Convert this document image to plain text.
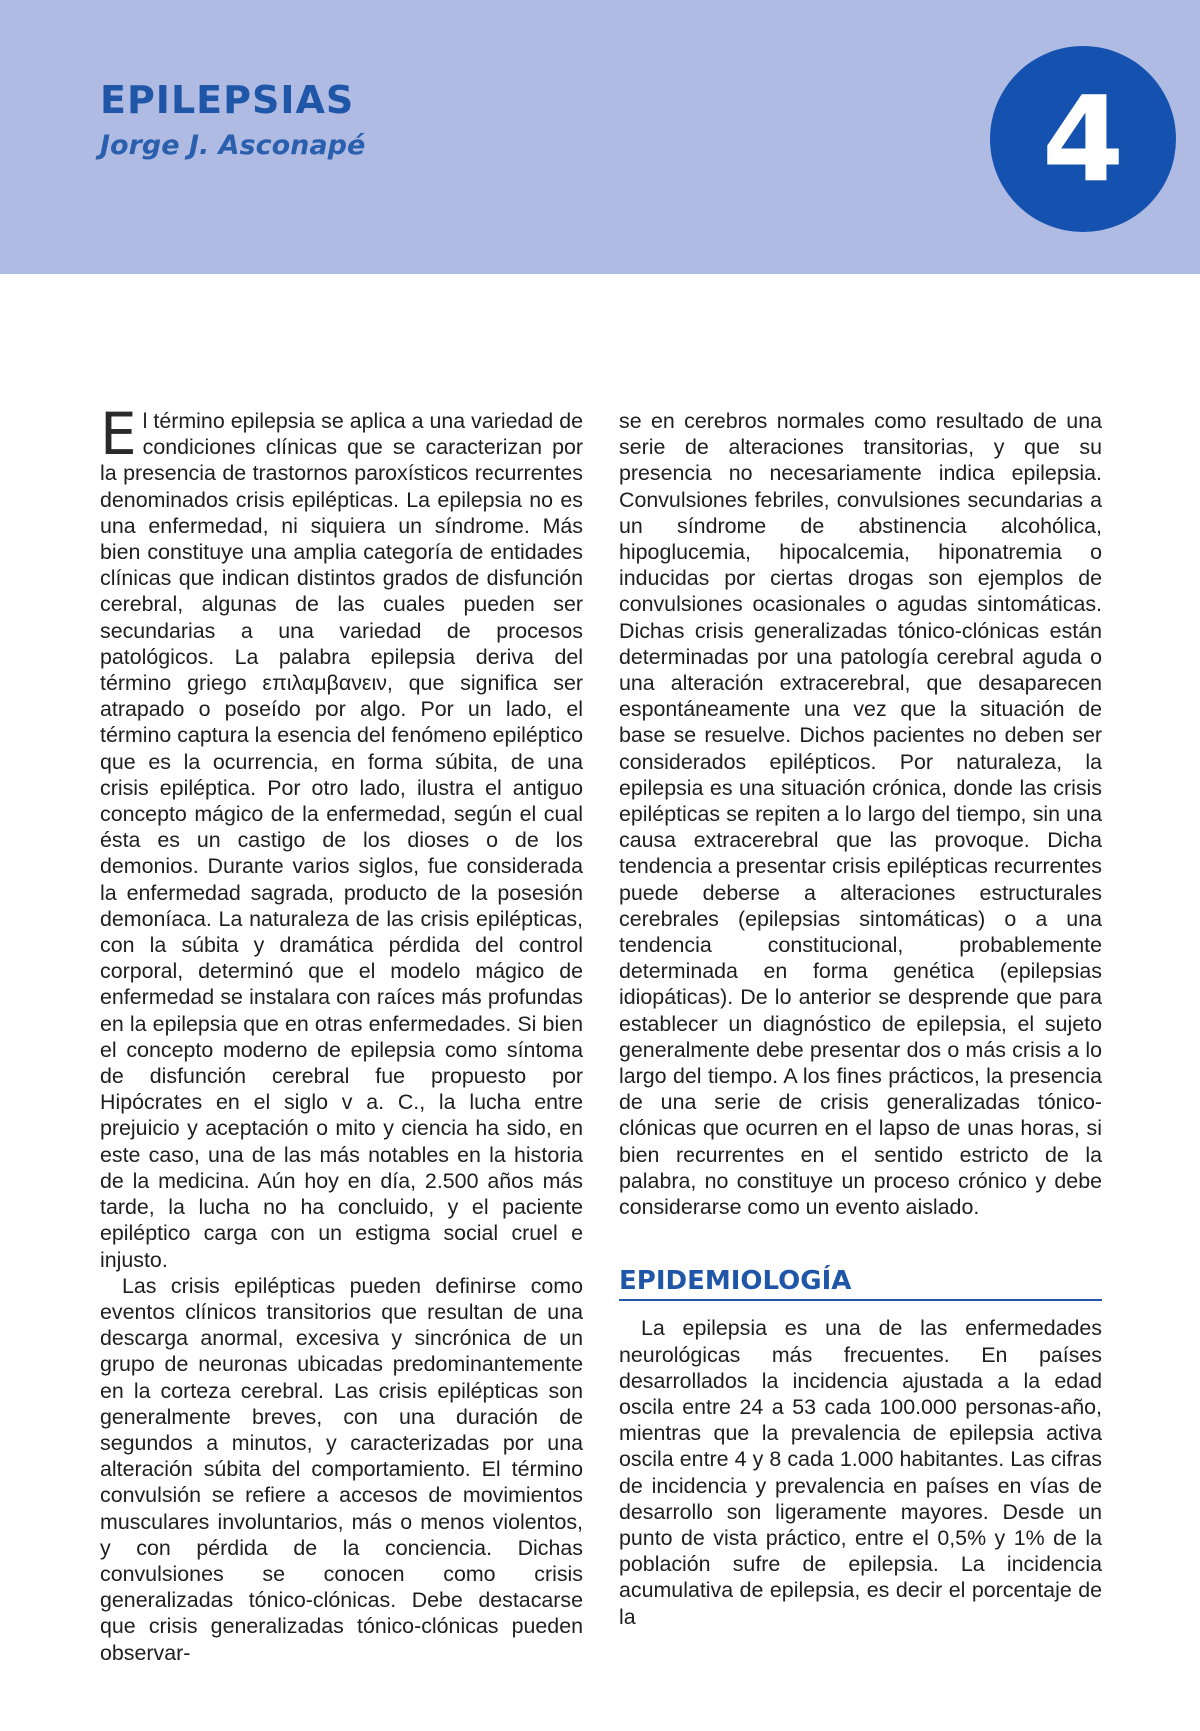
EPILEPSIAS
Jorge J. Asconapé	4

El término epilepsia se aplica a una variedad de condiciones clínicas que se caracterizan por la presencia de trastornos paroxísticos recurrentes denominados crisis epilépticas. La epilepsia no es una enfermedad, ni siquiera un síndrome. Más bien constituye una amplia categoría de entidades clínicas que indican distintos grados de disfunción cerebral, algunas de las cuales pueden ser secundarias a una variedad de procesos patológicos. La palabra epilepsia deriva del término griego επιλαμβανειν, que significa ser atrapado o poseído por algo. Por un lado, el término captura la esencia del fenómeno epiléptico que es la ocurrencia, en forma súbita, de una crisis epiléptica. Por otro lado, ilustra el antiguo concepto mágico de la enfermedad, según el cual ésta es un castigo de los dioses o de los demonios. Durante varios siglos, fue considerada la enfermedad sagrada, producto de la posesión demoníaca. La naturaleza de las crisis epilépticas, con la súbita y dramática pérdida del control corporal, determinó que el modelo mágico de enfermedad se instalara con raíces más profundas en la epilepsia que en otras enfermedades. Si bien el concepto moderno de epilepsia como síntoma de disfunción cerebral fue propuesto por Hipócrates en el siglo v a. C., la lucha entre prejuicio y aceptación o mito y ciencia ha sido, en este caso, una de las más notables en la historia de la medicina. Aún hoy en día, 2.500 años más tarde, la lucha no ha concluido, y el paciente epiléptico carga con un estigma social cruel e injusto.

Las crisis epilépticas pueden definirse como eventos clínicos transitorios que resultan de una descarga anormal, excesiva y sincrónica de un grupo de neuronas ubicadas predominantemente en la corteza cerebral. Las crisis epilépticas son generalmente breves, con una duración de segundos a minutos, y caracterizadas por una alteración súbita del comportamiento. El término convulsión se refiere a accesos de movimientos musculares involuntarios, más o menos violentos, y con pérdida de la conciencia. Dichas convulsiones se conocen como crisis generalizadas tónico-clónicas. Debe destacarse que crisis generalizadas tónico-clónicas pueden observar-

se en cerebros normales como resultado de una serie de alteraciones transitorias, y que su presencia no necesariamente indica epilepsia. Convulsiones febriles, convulsiones secundarias a un síndrome de abstinencia alcohólica, hipoglucemia, hipocalcemia, hiponatremia o inducidas por ciertas drogas son ejemplos de convulsiones ocasionales o agudas sintomáticas. Dichas crisis generalizadas tónico-clónicas están determinadas por una patología cerebral aguda o una alteración extracerebral, que desaparecen espontáneamente una vez que la situación de base se resuelve. Dichos pacientes no deben ser considerados epilépticos. Por naturaleza, la epilepsia es una situación crónica, donde las crisis epilépticas se repiten a lo largo del tiempo, sin una causa extracerebral que las provoque. Dicha tendencia a presentar crisis epilépticas recurrentes puede deberse a alteraciones estructurales cerebrales (epilepsias sintomáticas) o a una tendencia constitucional, probablemente determinada en forma genética (epilepsias idiopáticas). De lo anterior se desprende que para establecer un diagnóstico de epilepsia, el sujeto generalmente debe presentar dos o más crisis a lo largo del tiempo. A los fines prácticos, la presencia de una serie de crisis generalizadas tónico-clónicas que ocurren en el lapso de unas horas, si bien recurrentes en el sentido estricto de la palabra, no constituye un proceso crónico y debe considerarse como un evento aislado.

EPIDEMIOLOGÍA

La epilepsia es una de las enfermedades neurológicas más frecuentes. En países desarrollados la incidencia ajustada a la edad oscila entre 24 a 53 cada 100.000 personas-año, mientras que la prevalencia de epilepsia activa oscila entre 4 y 8 cada 1.000 habitantes. Las cifras de incidencia y prevalencia en países en vías de desarrollo son ligeramente mayores. Desde un punto de vista práctico, entre el 0,5% y 1% de la población sufre de epilepsia. La incidencia acumulativa de epilepsia, es decir el porcentaje de la
